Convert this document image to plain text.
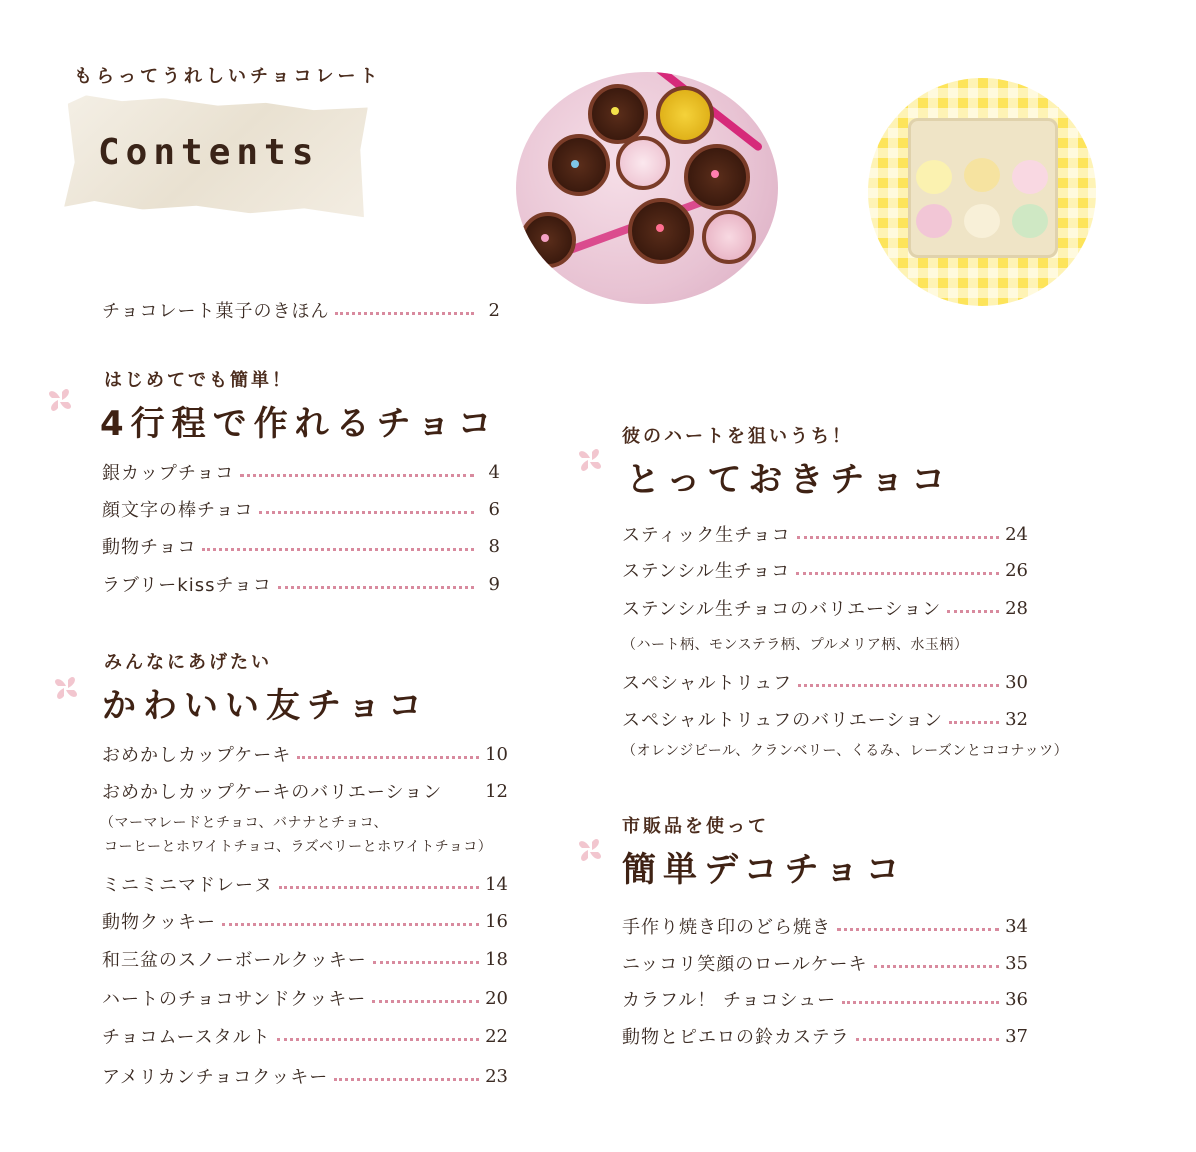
もらってうれしいチョコレート
Contents
チョコレート菓子のきほん	2
はじめてでも簡単！
4行程で作れるチョコ
銀カップチョコ	4
顔文字の棒チョコ	6
動物チョコ	8
ラブリーkissチョコ	9
みんなにあげたい
かわいい友チョコ
おめかしカップケーキ	10
おめかしカップケーキのバリエーション 12
（マーマレードとチョコ、バナナとチョコ、
コーヒーとホワイトチョコ、ラズベリーとホワイトチョコ）
ミニミニマドレーヌ	14
動物クッキー	16
和三盆のスノーボールクッキー	18
ハートのチョコサンドクッキー	20
チョコムースタルト	22
アメリカンチョコクッキー	23
彼のハートを狙いうち！
とっておきチョコ
スティック生チョコ	24
ステンシル生チョコ	26
ステンシル生チョコのバリエーション	28
（ハート柄、モンステラ柄、プルメリア柄、水玉柄）
スペシャルトリュフ	30
スペシャルトリュフのバリエーション	32
（オレンジピール、クランベリー、くるみ、レーズンとココナッツ）
市販品を使って
簡単デコチョコ
手作り焼き印のどら焼き	34
ニッコリ笑顔のロールケーキ	35
カラフル！ チョコシュー	36
動物とピエロの鈴カステラ	37
